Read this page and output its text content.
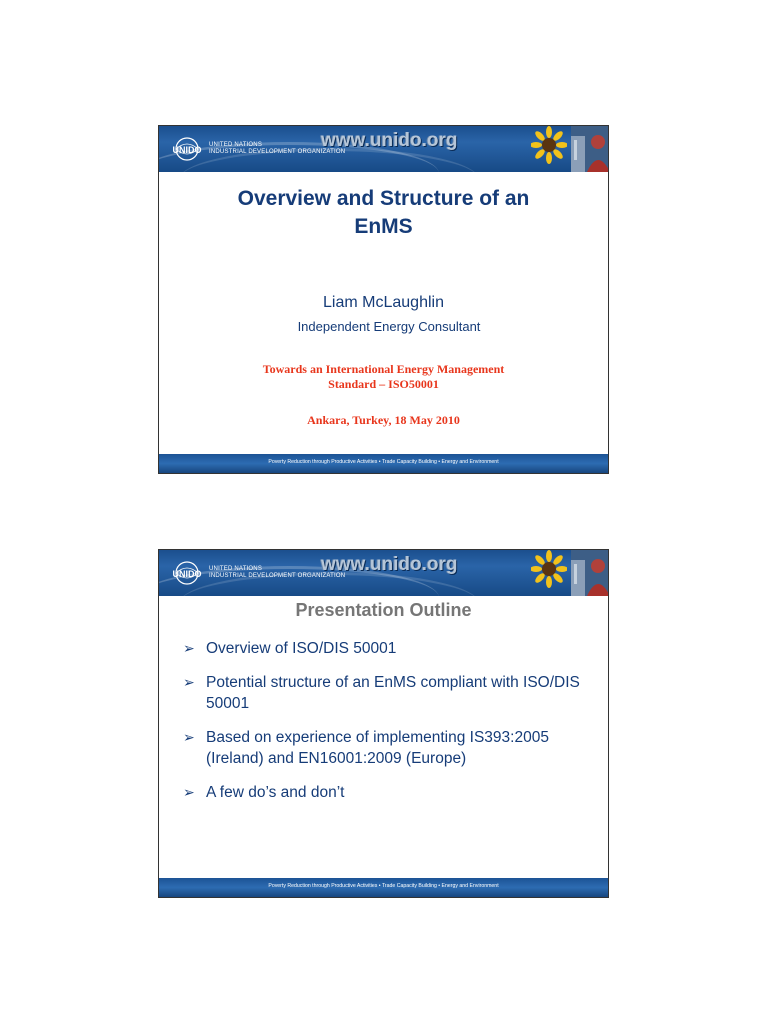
UNIDO UNITED NATIONS
INDUSTRIAL DEVELOPMENT ORGANIZATION
www.unido.org
Overview and Structure of an
EnMS
Liam McLaughlin
Independent Energy Consultant
Towards an International Energy Management
Standard – ISO50001
Ankara, Turkey, 18 May 2010
Poverty Reduction through Productive Activities • Trade Capacity Building • Energy and Environment
UNIDO UNITED NATIONS
INDUSTRIAL DEVELOPMENT ORGANIZATION
www.unido.org
Presentation Outline
➢ Overview of ISO/DIS 50001
➢ Potential structure of an EnMS compliant with ISO/DIS 50001
➢ Based on experience of implementing IS393:2005 (Ireland) and EN16001:2009 (Europe)
➢ A few do’s and don’t
Poverty Reduction through Productive Activities • Trade Capacity Building • Energy and Environment
